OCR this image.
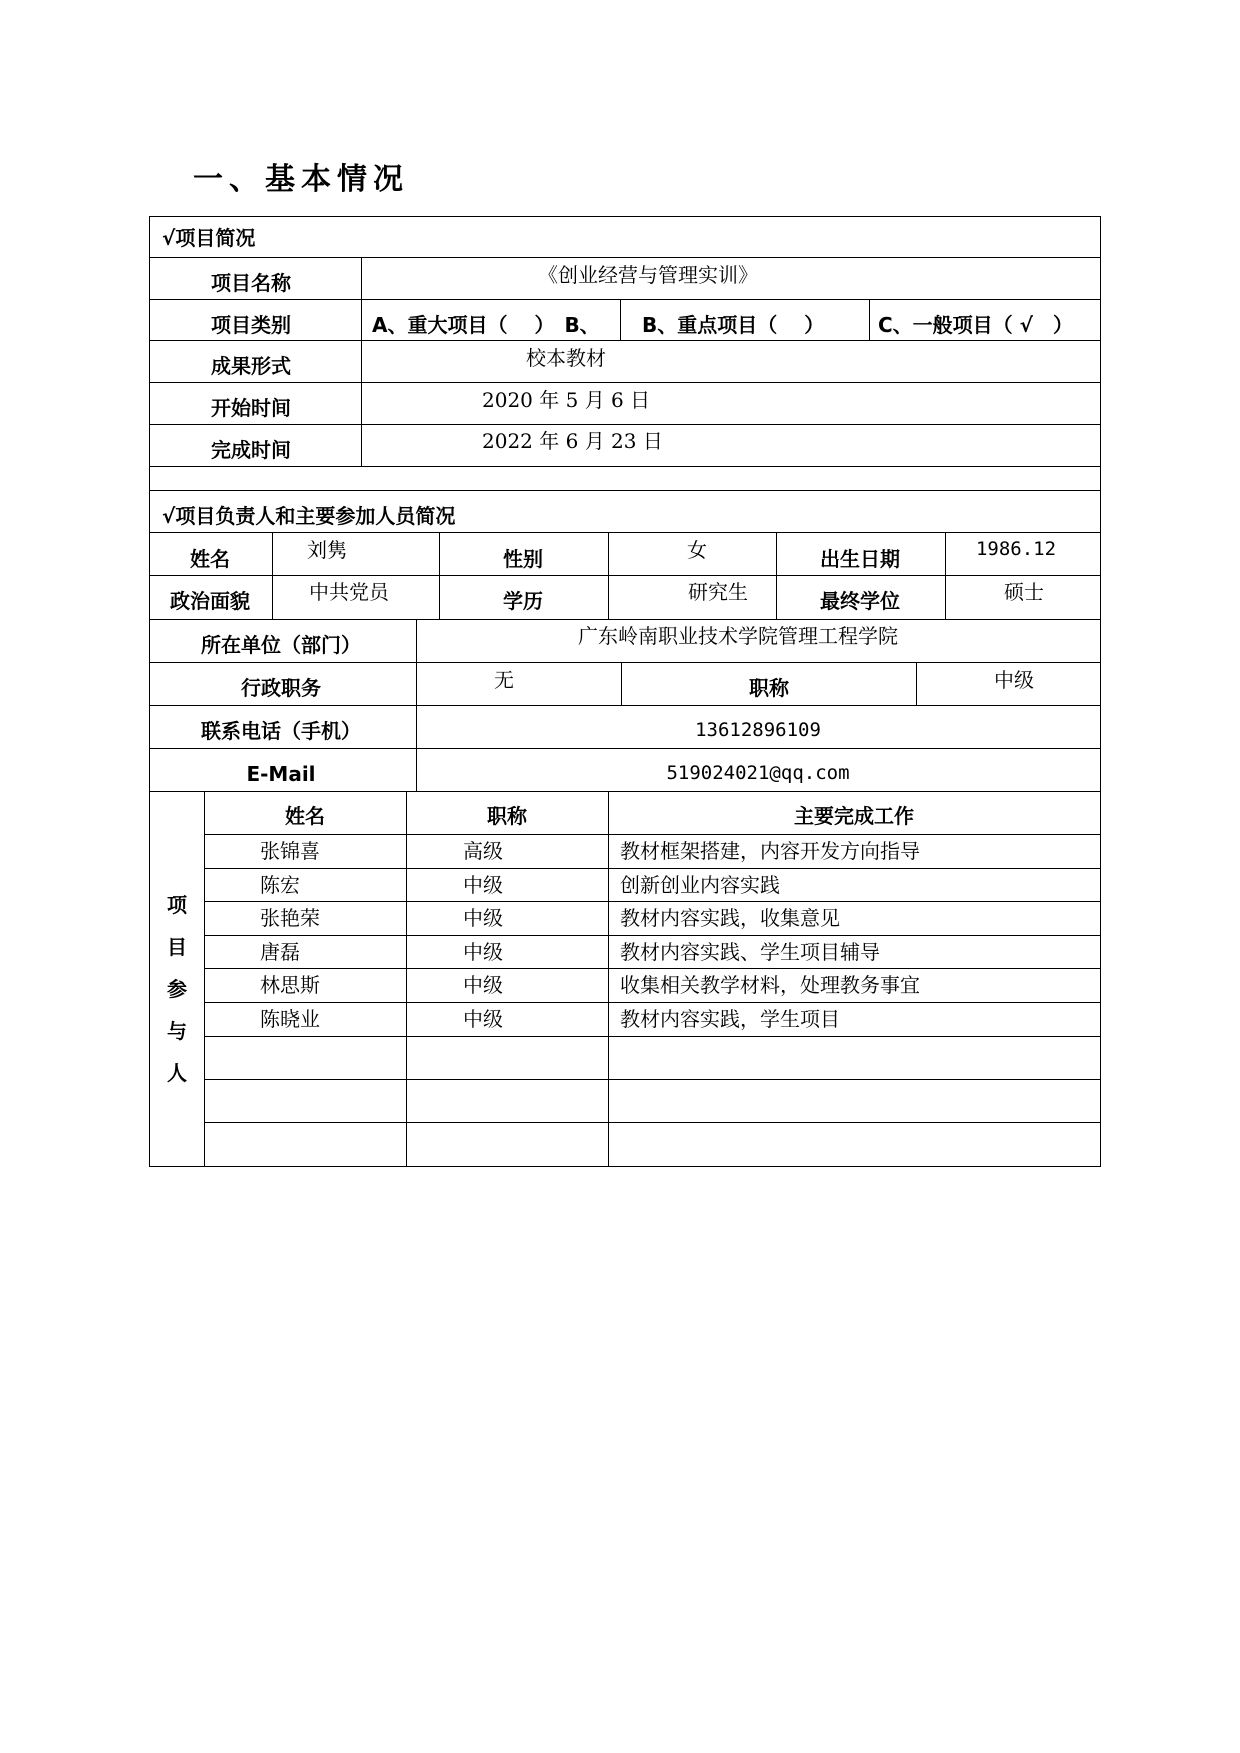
一、基本情况
√项目简况
项目名称	《创业经营与管理实训》
项目类别	A、重大项目（　 ）　B、 B、重点项目（　 ）	C、一般项目（ √　）
成果形式	校本教材
开始时间	2020 年 5 月 6 日
完成时间	2022 年 6 月 23 日
√项目负责人和主要参加人员简况
姓名	刘隽	性别	女	出生日期	1986.12
政治面貌	中共党员	学历	研究生	最终学位	硕士
所在单位（部门）	广东岭南职业技术学院管理工程学院
行政职务	无	职称	中级
联系电话（手机）	13612896109
E-Mail	519024021@qq.com
项
目
参
与
人
姓名	职称	主要完成工作
张锦喜	高级	教材框架搭建，内容开发方向指导
陈宏	中级	创新创业内容实践
张艳荣	中级	教材内容实践，收集意见
唐磊	中级	教材内容实践、学生项目辅导
林思斯	中级	收集相关教学材料，处理教务事宜
陈晓业	中级	教材内容实践，学生项目
